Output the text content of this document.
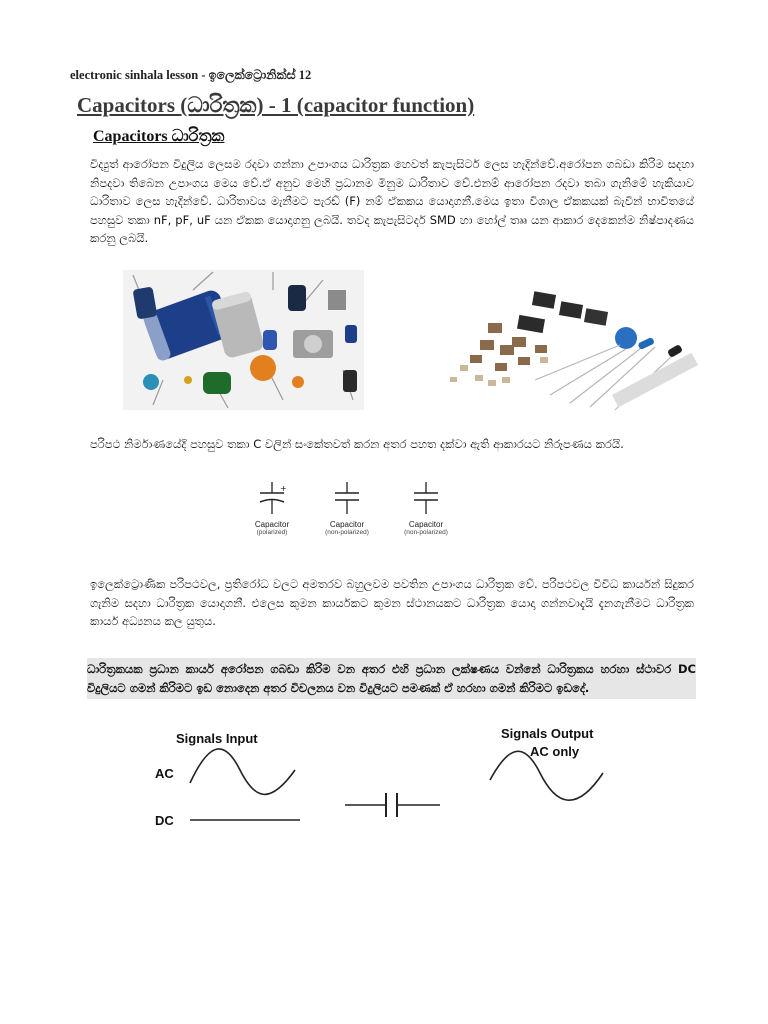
electronic sinhala lesson - ඉලෙක්ට්‍රොනික්ස් 12
Capacitors (ධාරිත්‍රක) - 1 (capacitor function)
Capacitors ධාරිත්‍රක
විද්‍යුත් ආරෝපන විදුලිය ලෙසම රදවා ගන්නා උපාංගය ධාරිත්‍රක හෙවත් කැපැසිටර් ලෙස හැදින්වේ.අරෝපන ගබඩා කිරිම සදහා නිපදවා තිබෙන උපාංගය මෙය වේ.ඒ අනුව මෙහි ප්‍රධානම මිනුම ධාරිතාව වේ.එනම් ආරෝපන රදවා තබා ගැනිමේ හැකියාව ධාරිතාව ලෙස හැදින්වේ. ධාරිතාවය මැනීමට පැරඩ් (F) නම් ඒකකය යොදාගනී.මෙය ඉතා විශාල ඒකකයක් බැවින් භාවිතයේ පහසුව තකා nF, pF, uF යන ඒකක යොදාගනු ලබයි. තවද කැපැසිටර්ද SMD හා හෝල් තෲ යන ආකාර දෙකෙන්ම නිෂ්පාදණය කරනු ලබයි.
පරිපථ නිර්මාණයේදි පහසුව තකා C වලින් සංකේතවත් කරන අතර පහත දක්වා ඇති ආකාරයට නිරූපණය කරයි.
+
Capacitor
(polarized)
Capacitor
(non-polarized)
Capacitor
(non-polarized)
ඉලෙක්ට්‍රොණික පරිපථවල, ප්‍රතිරෝධ වලට අමතරව බහුලවම පවතින උපාංගය ධාරිත්‍රක වේ. පරිපථවල විවිධ කාර්යන් සිදුකර ගැනිම සදහා ධාරිත්‍රක යොදාගනී. එලෙස කුමන කාර්යකට කුමන ස්ථානයකට ධාරිත්‍රක යොදා ගන්නවාදැයි දැනගැනීමට ධාරිත්‍රක කාර්ය අධ්‍යනය කල යුතුය.
ධාරිත්‍රකයක ප්‍රධාන කාර්ය අරෝපන ගබඩා කිරිම වන අතර එහි ප්‍රධාන ලක්ෂණය වන්නේ ධාරිත්‍රකය හරහා ස්ථාවර DC විදුලියට ගමන් කිරිමට ඉඩ නොදෙන අතර විචලනය වන විදුලියට පමණක් ඒ හරහා ගමන් කිරිමට ඉඩදේ.
Signals Input
AC
DC
Signals Output
AC only
